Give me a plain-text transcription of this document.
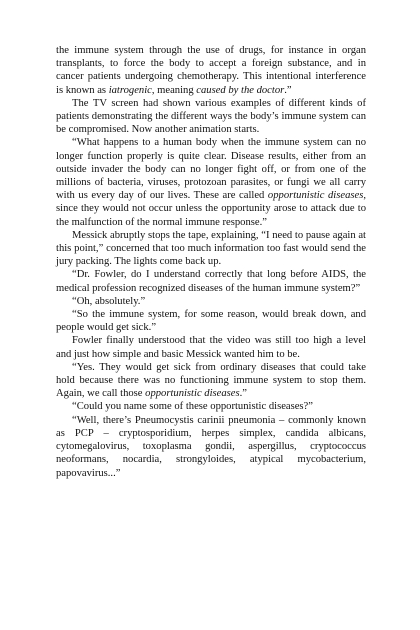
the immune system through the use of drugs, for instance in organ transplants, to force the body to accept a foreign substance, and in cancer patients undergoing chemotherapy. This intentional interference is known as iatrogenic, meaning caused by the doctor.”

The TV screen had shown various examples of different kinds of patients demonstrating the different ways the body’s immune system can be compromised. Now another animation starts.

“What happens to a human body when the immune system can no longer function properly is quite clear. Disease results, either from an outside invader the body can no longer fight off, or from one of the millions of bacteria, viruses, protozoan parasites, or fungi we all carry with us every day of our lives. These are called opportunistic diseases, since they would not occur unless the opportunity arose to attack due to the malfunction of the normal immune response.”

Messick abruptly stops the tape, explaining, “I need to pause again at this point,” concerned that too much information too fast would send the jury packing. The lights come back up.

“Dr. Fowler, do I understand correctly that long before AIDS, the medical profession recognized diseases of the human immune system?”

“Oh, absolutely.”

“So the immune system, for some reason, would break down, and people would get sick.”

Fowler finally understood that the video was still too high a level and just how simple and basic Messick wanted him to be.

“Yes. They would get sick from ordinary diseases that could take hold because there was no functioning immune system to stop them. Again, we call those opportunistic diseases.”

“Could you name some of these opportunistic diseases?”

“Well, there’s Pneumocystis carinii pneumonia – commonly known as PCP – cryptosporidium, herpes simplex, candida albicans, cytomegalovirus, toxoplasma gondii, aspergillus, cryptococcus neoformans, nocardia, strongyloides, atypical mycobacterium, papovavirus...”
